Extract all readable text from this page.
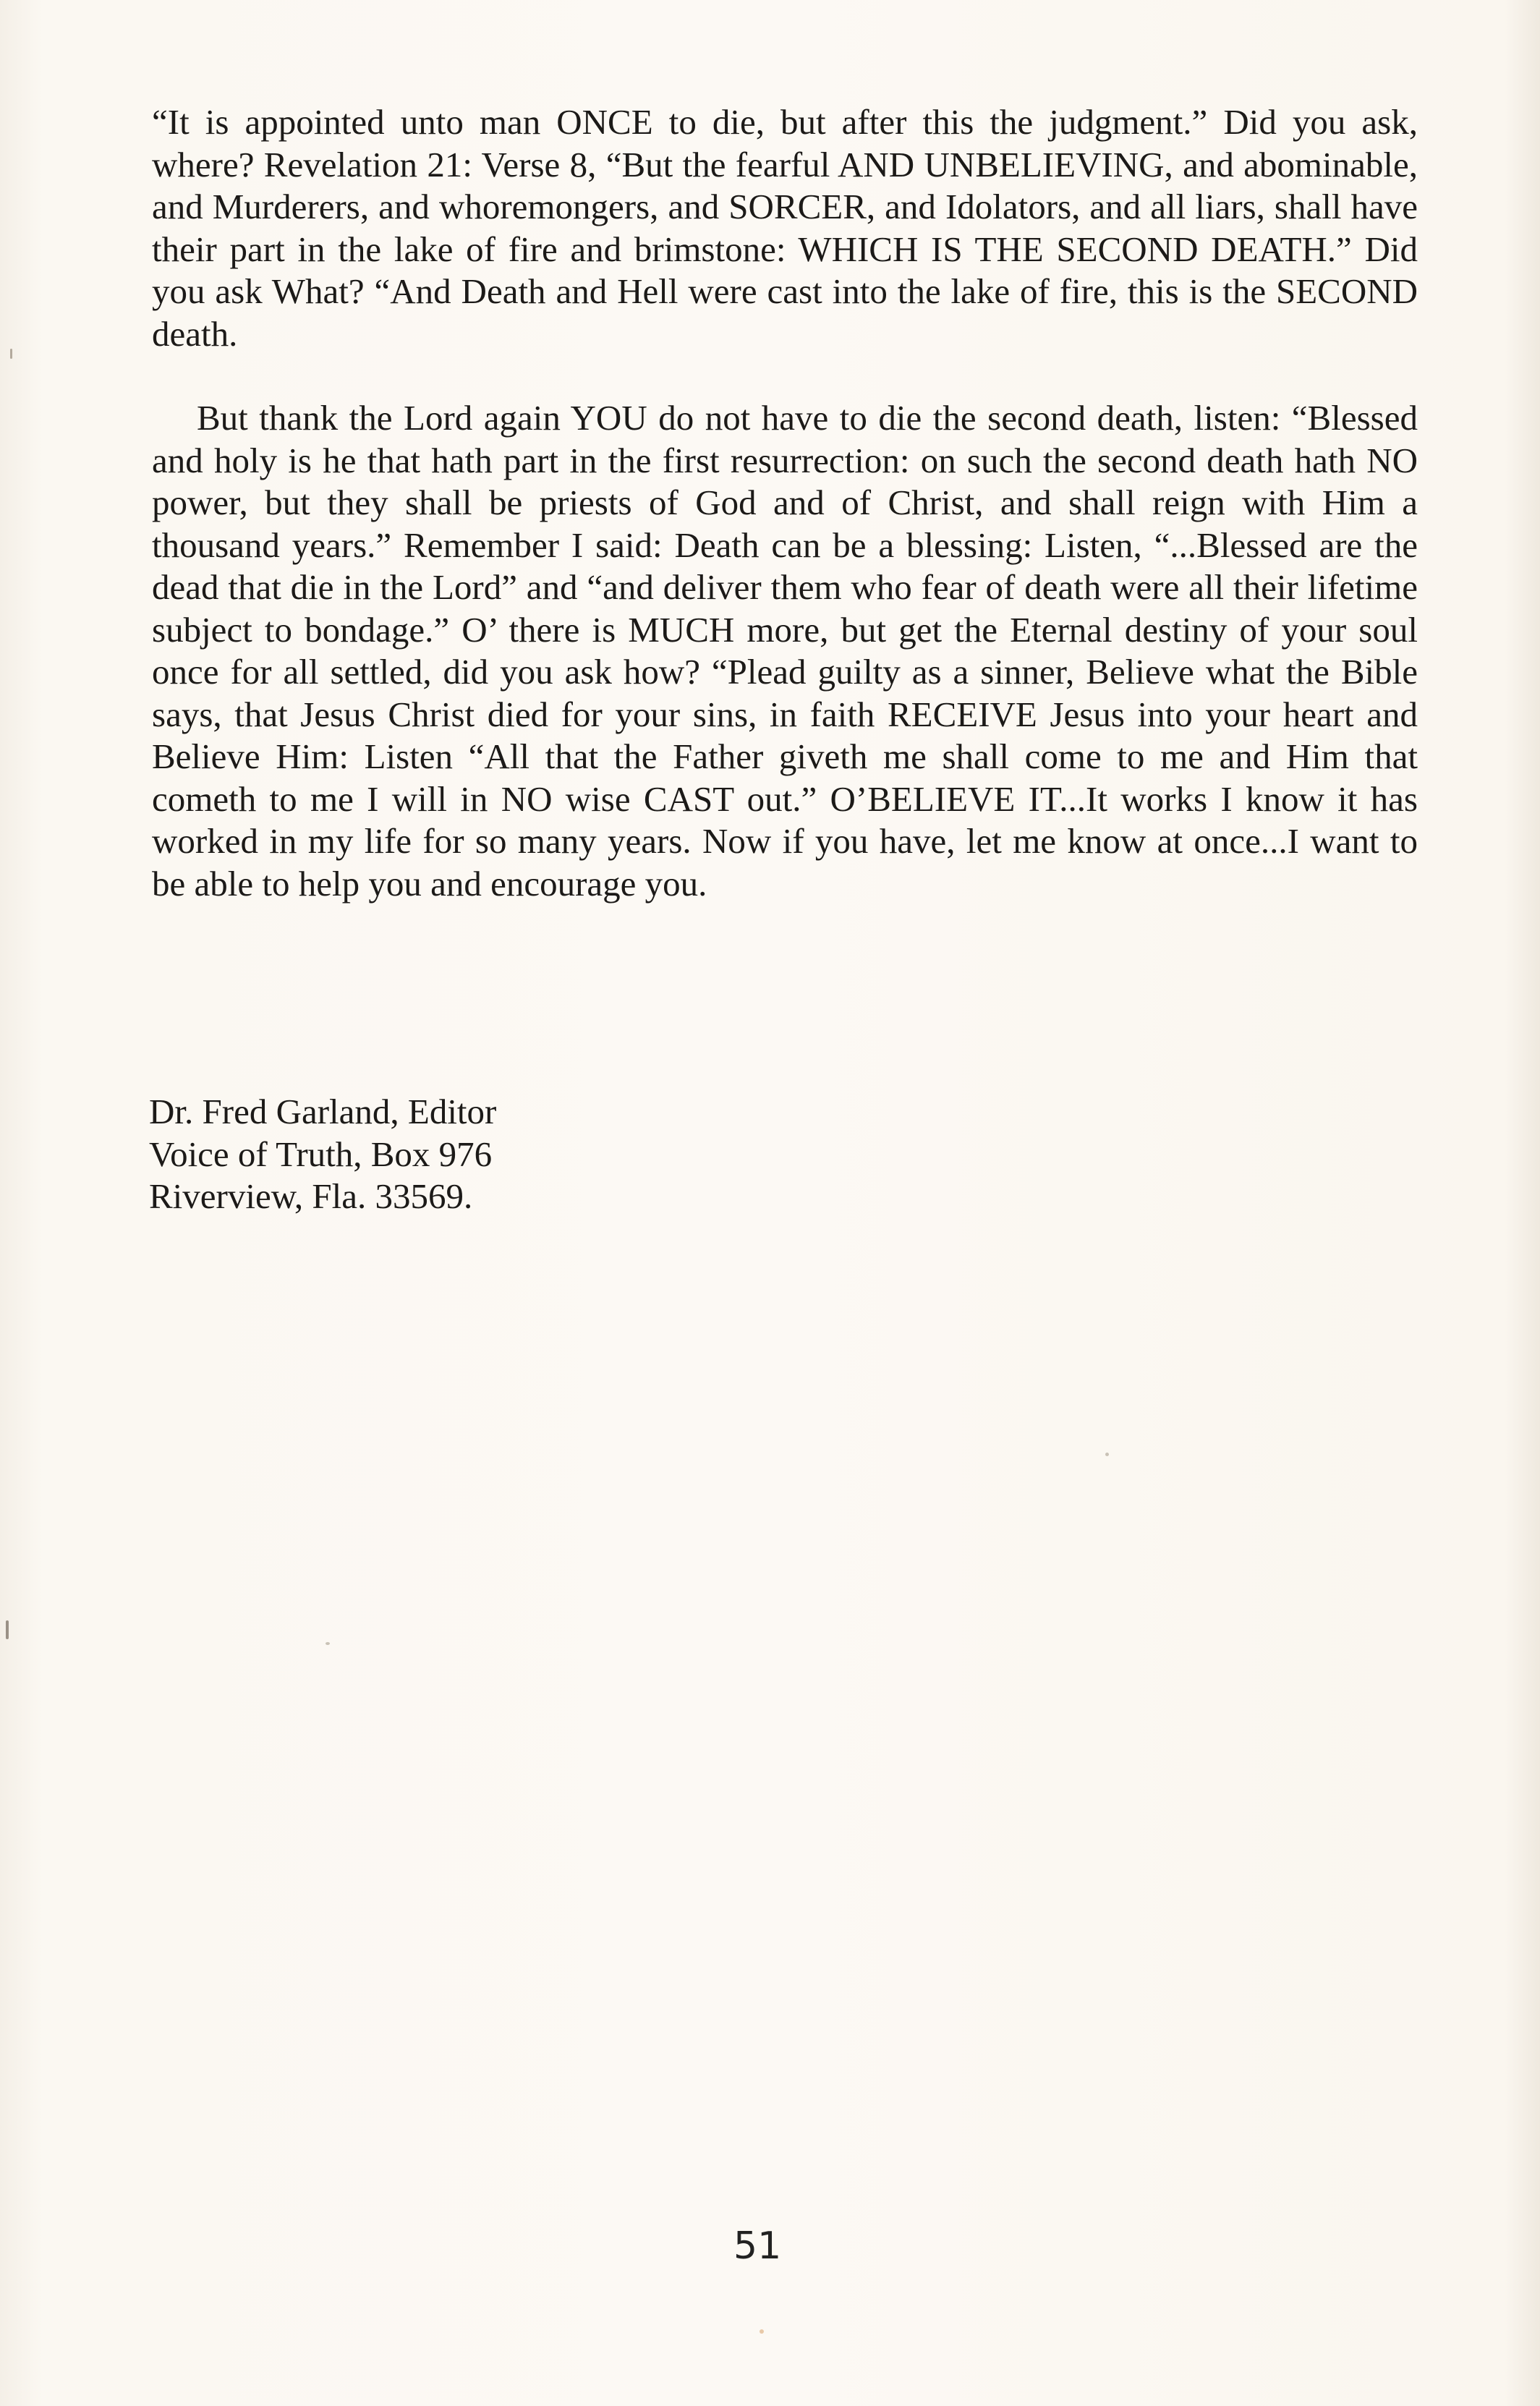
“It is appointed unto man ONCE to die, but after this the judgment.” Did you ask, where? Revelation 21: Verse 8, “But the fearful AND UNBELIEVING, and abominable, and Murderers, and whoremongers, and SORCER, and Idolators, and all liars, shall have their part in the lake of fire and brimstone: WHICH IS THE SECOND DEATH.” Did you ask What? “And Death and Hell were cast into the lake of fire, this is the SECOND death.

But thank the Lord again YOU do not have to die the second death, listen: “Blessed and holy is he that hath part in the first resurrection: on such the second death hath NO power, but they shall be priests of God and of Christ, and shall reign with Him a thousand years.” Remember I said: Death can be a blessing: Listen, “...Blessed are the dead that die in the Lord” and “and deliver them who fear of death were all their lifetime subject to bondage.” O’ there is MUCH more, but get the Eternal destiny of your soul once for all settled, did you ask how? “Plead guilty as a sinner, Believe what the Bible says, that Jesus Christ died for your sins, in faith RECEIVE Jesus into your heart and Believe Him: Listen “All that the Father giveth me shall come to me and Him that cometh to me I will in NO wise CAST out.” O’BELIEVE IT...It works I know it has worked in my life for so many years. Now if you have, let me know at once...I want to be able to help you and encourage you.

Dr. Fred Garland, Editor
Voice of Truth, Box 976
Riverview, Fla. 33569.
51
